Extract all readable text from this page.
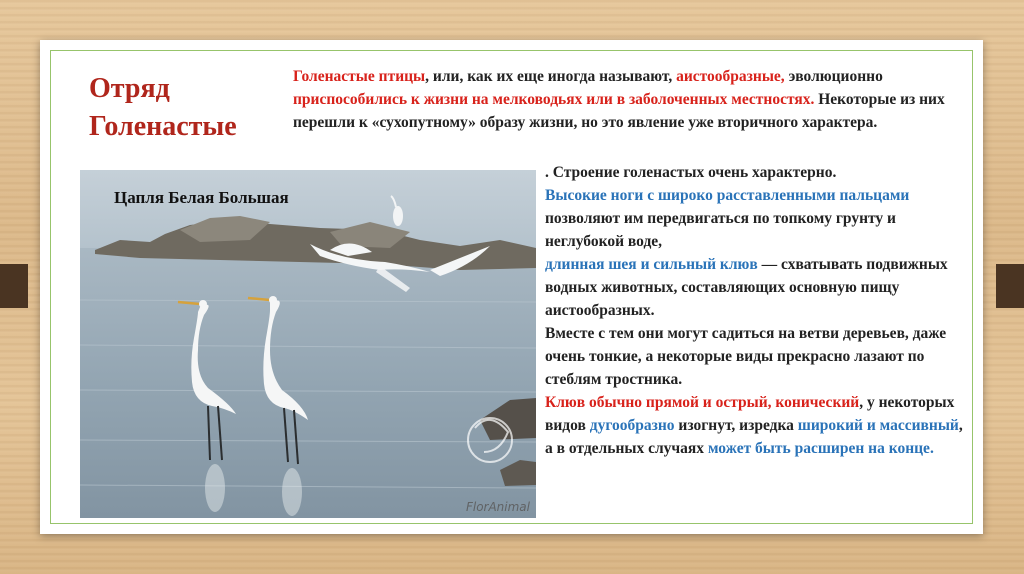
Отряд
Голенастые
Голенастые птицы, или, как их еще иногда называют, аистообразные, эволюционно приспособились к жизни на мелководьях или в заболоченных местностях. Некоторые из них перешли к «сухопутному» образу жизни, но это явление уже вторичного характера.
Цапля Белая Большая
FlorAnimal
. Строение голенастых очень характерно.
Высокие ноги с широко расставленными пальцами позволяют им передвигаться по топкому грунту и неглубокой воде,
длинная шея и сильный клюв — схватывать подвижных водных животных, составляющих основную пищу аистообразных.
Вместе с тем они могут садиться на ветви деревьев, даже очень тонкие, а некоторые виды прекрасно лазают по стеблям тростника.
Клюв обычно прямой и острый, конический, у некоторых видов дугообразно изогнут, изредка широкий и массивный, а в отдельных случаях может быть расширен на конце.
